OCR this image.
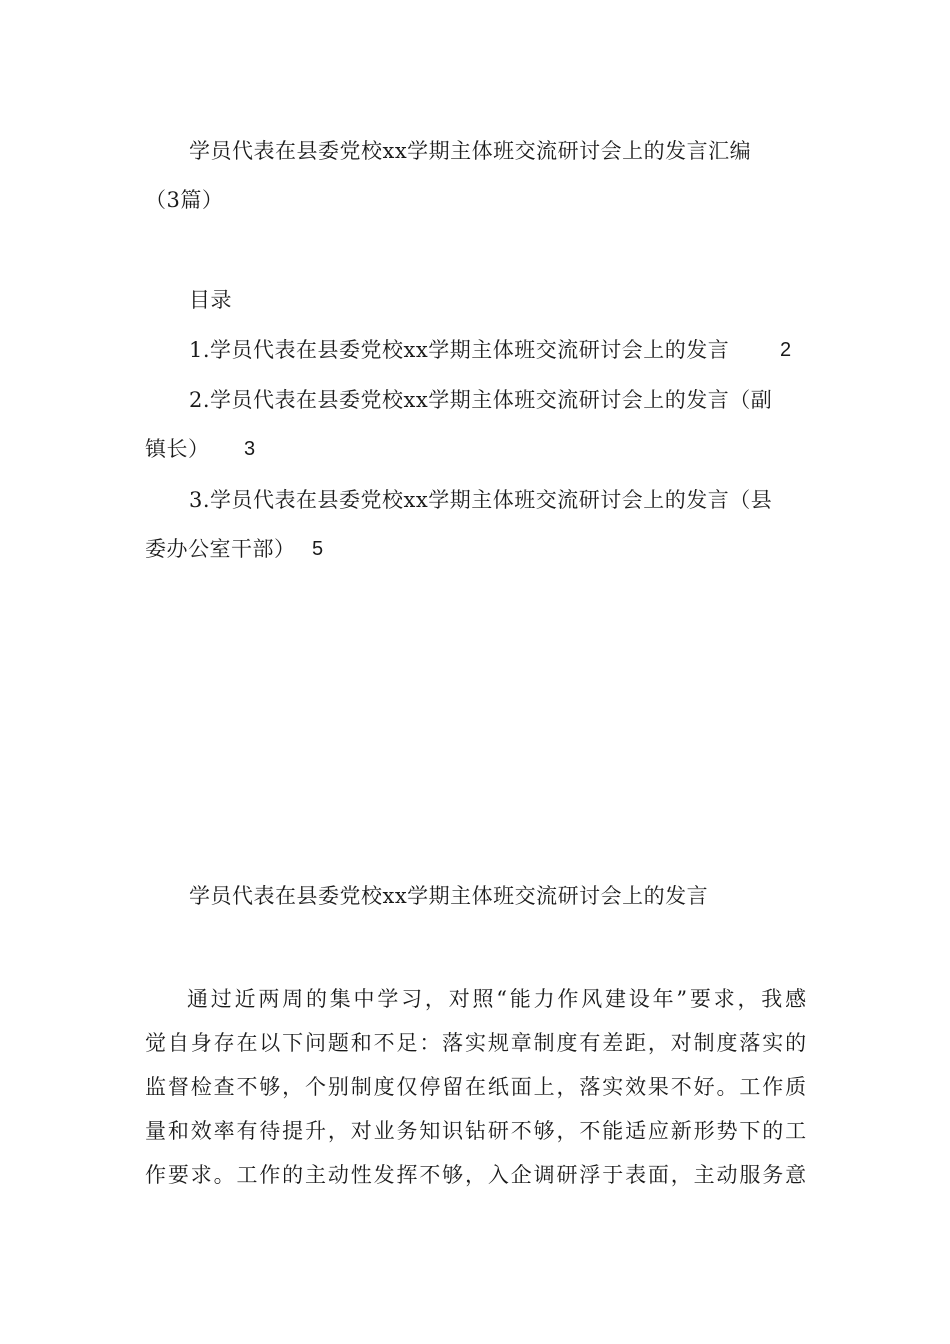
学员代表在县委党校xx学期主体班交流研讨会上的发言汇编
（3篇）
目录
1.学员代表在县委党校xx学期主体班交流研讨会上的发言	2
2.学员代表在县委党校xx学期主体班交流研讨会上的发言（副
镇长） 3
3.学员代表在县委党校xx学期主体班交流研讨会上的发言（县
委办公室干部） 5
学员代表在县委党校xx学期主体班交流研讨会上的发言
通过近两周的集中学习，对照“能力作风建设年”要求，我感
觉自身存在以下问题和不足：落实规章制度有差距，对制度落实的
监督检查不够，个别制度仅停留在纸面上，落实效果不好。工作质
量和效率有待提升，对业务知识钻研不够，不能适应新形势下的工
作要求。工作的主动性发挥不够，入企调研浮于表面，主动服务意
